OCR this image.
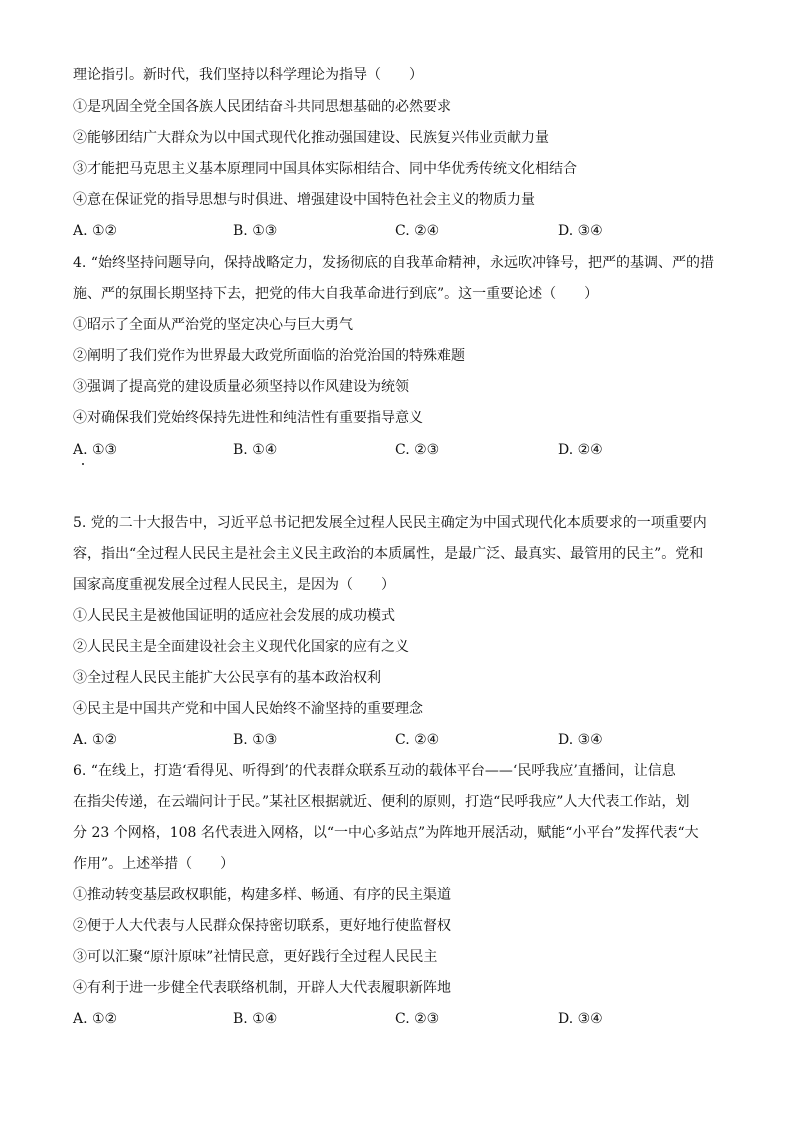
理论指引。新时代，我们坚持以科学理论为指导（　　）
①是巩固全党全国各族人民团结奋斗共同思想基础的必然要求
②能够团结广大群众为以中国式现代化推动强国建设、民族复兴伟业贡献力量
③才能把马克思主义基本原理同中国具体实际相结合、同中华优秀传统文化相结合
④意在保证党的指导思想与时俱进、增强建设中国特色社会主义的物质力量
A. ①②	B. ①③	C. ②④	D. ③④
4. “始终坚持问题导向，保持战略定力，发扬彻底的自我革命精神，永远吹冲锋号，把严的基调、严的措
施、严的氛围长期坚持下去，把党的伟大自我革命进行到底”。这一重要论述（　　）
①昭示了全面从严治党的坚定决心与巨大勇气
②阐明了我们党作为世界最大政党所面临的治党治国的特殊难题
③强调了提高党的建设质量必须坚持以作风建设为统领
④对确保我们党始终保持先进性和纯洁性有重要指导意义
A. ①③	B. ①④	C. ②③	D. ②④
5. 党的二十大报告中，习近平总书记把发展全过程人民民主确定为中国式现代化本质要求的一项重要内
容，指出“全过程人民民主是社会主义民主政治的本质属性，是最广泛、最真实、最管用的民主”。党和
国家高度重视发展全过程人民民主，是因为（　　）
①人民民主是被他国证明的适应社会发展的成功模式
②人民民主是全面建设社会主义现代化国家的应有之义
③全过程人民民主能扩大公民享有的基本政治权利
④民主是中国共产党和中国人民始终不渝坚持的重要理念
A. ①②	B. ①③	C. ②④	D. ③④
6. “在线上，打造‘看得见、听得到’的代表群众联系互动的载体平台——‘民呼我应’直播间，让信息
在指尖传递，在云端问计于民。”某社区根据就近、便利的原则，打造“民呼我应”人大代表工作站，划
分 23 个网格，108 名代表进入网格，以“一中心多站点”为阵地开展活动，赋能“小平台”发挥代表“大
作用”。上述举措（　　）
①推动转变基层政权职能，构建多样、畅通、有序的民主渠道
②便于人大代表与人民群众保持密切联系，更好地行使监督权
③可以汇聚“原汁原味”社情民意，更好践行全过程人民民主
④有利于进一步健全代表联络机制，开辟人大代表履职新阵地
A. ①②	B. ①④	C. ②③	D. ③④
